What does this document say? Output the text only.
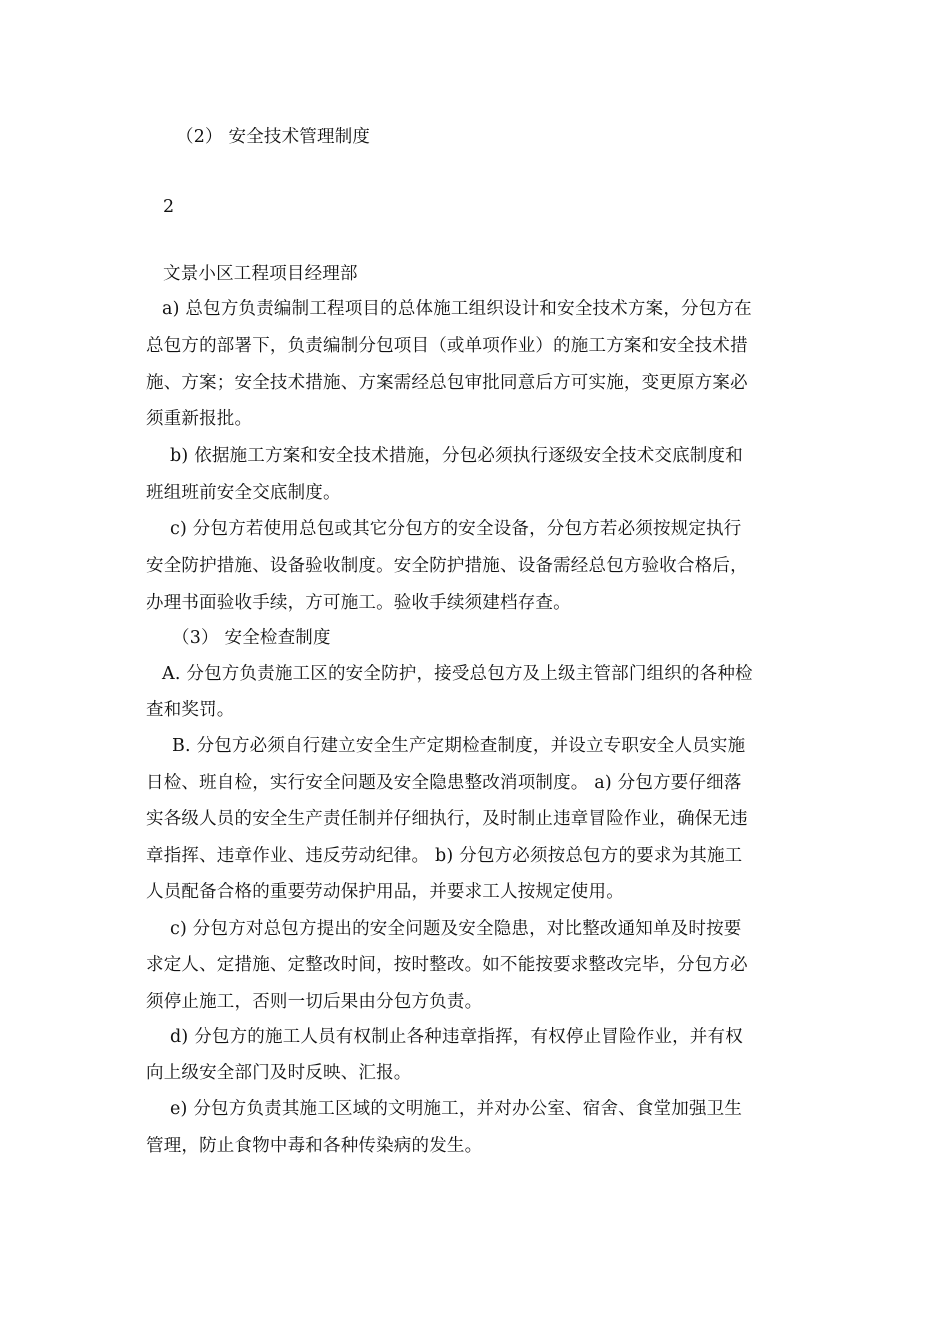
（2） 安全技术管理制度
2
文景小区工程项目经理部
a) 总包方负责编制工程项目的总体施工组织设计和安全技术方案，分包方在
总包方的部署下，负责编制分包项目（或单项作业）的施工方案和安全技术措
施、方案；安全技术措施、方案需经总包审批同意后方可实施，变更原方案必
须重新报批。
b) 依据施工方案和安全技术措施，分包必须执行逐级安全技术交底制度和
班组班前安全交底制度。
c) 分包方若使用总包或其它分包方的安全设备，分包方若必须按规定执行
安全防护措施、设备验收制度。安全防护措施、设备需经总包方验收合格后，
办理书面验收手续，方可施工。验收手续须建档存查。
（3） 安全检查制度
A. 分包方负责施工区的安全防护，接受总包方及上级主管部门组织的各种检
查和奖罚。
B. 分包方必须自行建立安全生产定期检查制度，并设立专职安全人员实施
日检、班自检，实行安全问题及安全隐患整改消项制度。 a) 分包方要仔细落
实各级人员的安全生产责任制并仔细执行，及时制止违章冒险作业，确保无违
章指挥、违章作业、违反劳动纪律。 b) 分包方必须按总包方的要求为其施工
人员配备合格的重要劳动保护用品，并要求工人按规定使用。
c) 分包方对总包方提出的安全问题及安全隐患，对比整改通知单及时按要
求定人、定措施、定整改时间，按时整改。如不能按要求整改完毕，分包方必
须停止施工，否则一切后果由分包方负责。
d) 分包方的施工人员有权制止各种违章指挥，有权停止冒险作业，并有权
向上级安全部门及时反映、汇报。
e) 分包方负责其施工区域的文明施工，并对办公室、宿舍、食堂加强卫生
管理，防止食物中毒和各种传染病的发生。
